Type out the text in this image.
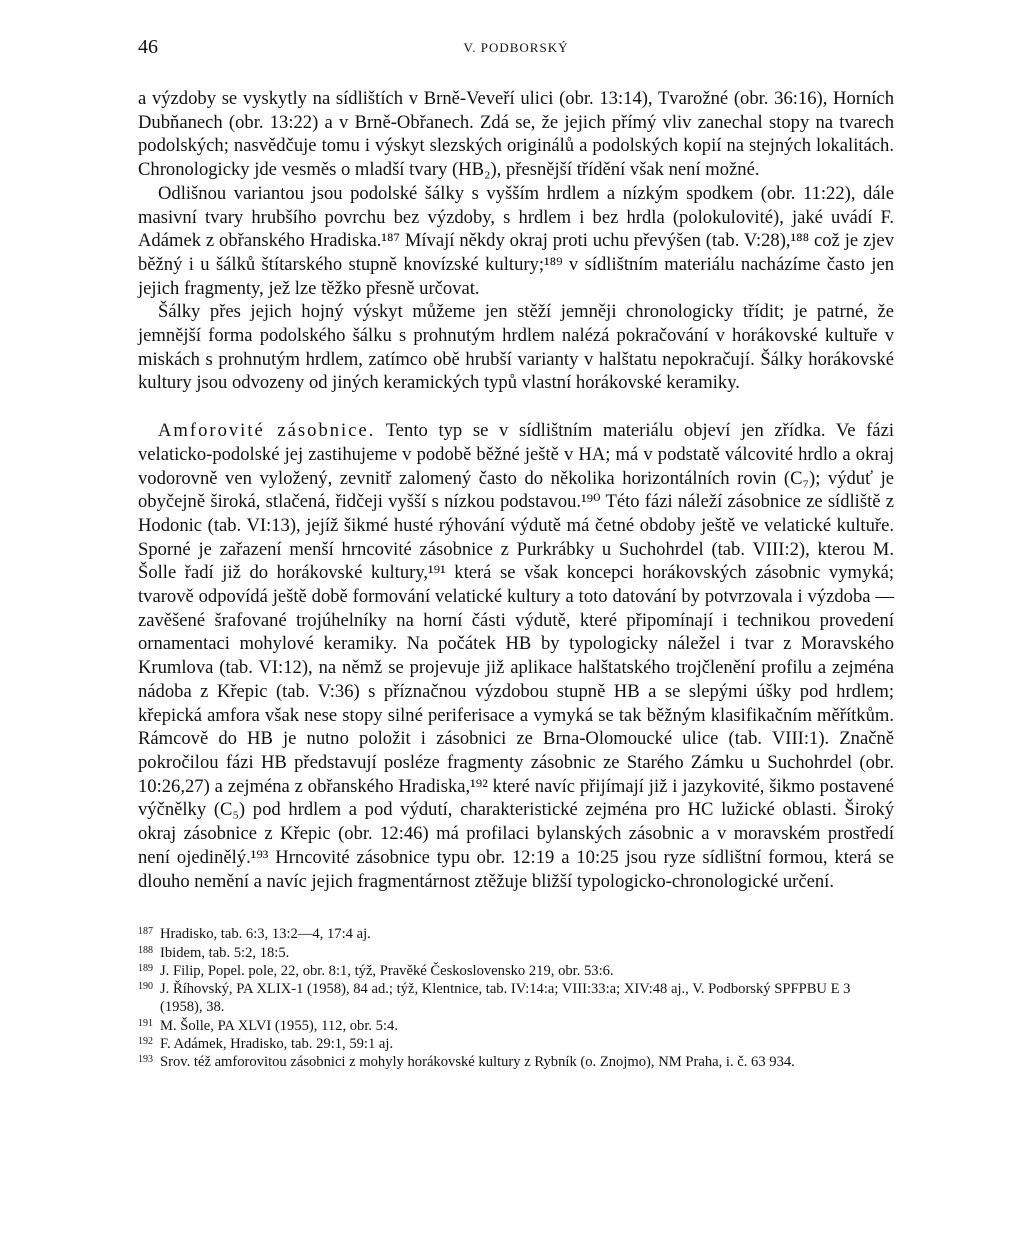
46	V. PODBORSKÝ

a výzdoby se vyskytly na sídlištích v Brně-Veveří ulici (obr. 13:14), Tvarožné (obr. 36:16), Horních Dubňanech (obr. 13:22) a v Brně-Obřanech. Zdá se, že jejich přímý vliv zanechal stopy na tvarech podolských; nasvědčuje tomu i výskyt slezských originálů a podolských kopií na stejných lokalitách. Chronologicky jde vesměs o mladší tvary (HB₂), přesnější třídění však není možné.

Odlišnou variantou jsou podolské šálky s vyšším hrdlem a nízkým spodkem (obr. 11:22), dále masivní tvary hrubšího povrchu bez výzdoby, s hrdlem i bez hrdla (polokulovité), jaké uvádí F. Adámek z obřanského Hradiska.¹⁸⁷ Mívají někdy okraj proti uchu převýšen (tab. V:28),¹⁸⁸ což je zjev běžný i u šálků štítarského stupně knovízské kultury;¹⁸⁹ v sídlištním materiálu nacházíme často jen jejich fragmenty, jež lze těžko přesně určovat.

Šálky přes jejich hojný výskyt můžeme jen stěží jemněji chronologicky třídit; je patrné, že jemnější forma podolského šálku s prohnutým hrdlem nalézá pokračování v horákovské kultuře v miskách s prohnutým hrdlem, zatímco obě hrubší varianty v halštatu nepokračují. Šálky horákovské kultury jsou odvozeny od jiných keramických typů vlastní horákovské keramiky.

Amforovité zásobnice. Tento typ se v sídlištním materiálu objeví jen zřídka. Ve fázi velaticko-podolské jej zastihujeme v podobě běžné ještě v HA; má v podstatě válcovité hrdlo a okraj vodorovně ven vyložený, zevnitř zalomený často do několika horizontálních rovin (C₇); výduť je obyčejně široká, stlačená, řidčeji vyšší s nízkou podstavou.¹⁹⁰ Této fázi náleží zásobnice ze sídliště z Hodonic (tab. VI:13), jejíž šikmé husté rýhování výdutě má četné obdoby ještě ve velatické kultuře. Sporné je zařazení menší hrncovité zásobnice z Purkrábky u Suchohrdel (tab. VIII:2), kterou M. Šolle řadí již do horákovské kultury,¹⁹¹ která se však koncepci horákovských zásobnic vymyká; tvarově odpovídá ještě době formování velatické kultury a toto datování by potvrzovala i výzdoba — zavěšené šrafované trojúhelníky na horní části výdutě, které připomínají i technikou provedení ornamentaci mohylové keramiky. Na počátek HB by typologicky náležel i tvar z Moravského Krumlova (tab. VI:12), na němž se projevuje již aplikace halštatského trojčlenění profilu a zejména nádoba z Křepic (tab. V:36) s příznačnou výzdobou stupně HB a se slepými úšky pod hrdlem; křepická amfora však nese stopy silné periferisace a vymyká se tak běžným klasifikačním měřítkům. Rámcově do HB je nutno položit i zásobnici ze Brna-Olomoucké ulice (tab. VIII:1). Značně pokročilou fázi HB představují posléze fragmenty zásobnic ze Starého Zámku u Suchohrdel (obr. 10:26,27) a zejména z obřanského Hradiska,¹⁹² které navíc přijímají již i jazykovité, šikmo postavené výčnělky (C₅) pod hrdlem a pod výdutí, charakteristické zejména pro HC lužické oblasti. Široký okraj zásobnice z Křepic (obr. 12:46) má profilaci bylanských zásobnic a v moravském prostředí není ojedinělý.¹⁹³ Hrncovité zásobnice typu obr. 12:19 a 10:25 jsou ryze sídlištní formou, která se dlouho nemění a navíc jejich fragmentárnost ztěžuje bližší typologicko-chronologické určení.

187 Hradisko, tab. 6:3, 13:2—4, 17:4 aj.
188 Ibidem, tab. 5:2, 18:5.
189 J. Filip, Popel. pole, 22, obr. 8:1, týž, Pravěké Československo 219, obr. 53:6.
190 J. Říhovský, PA XLIX-1 (1958), 84 ad.; týž, Klentnice, tab. IV:14:a; VIII:33:a; XIV:48 aj., V. Podborský SPFPBU E 3 (1958), 38.
191 M. Šolle, PA XLVI (1955), 112, obr. 5:4.
192 F. Adámek, Hradisko, tab. 29:1, 59:1 aj.
193 Srov. též amforovitou zásobnici z mohyly horákovské kultury z Rybník (o. Znojmo), NM Praha, i. č. 63 934.
